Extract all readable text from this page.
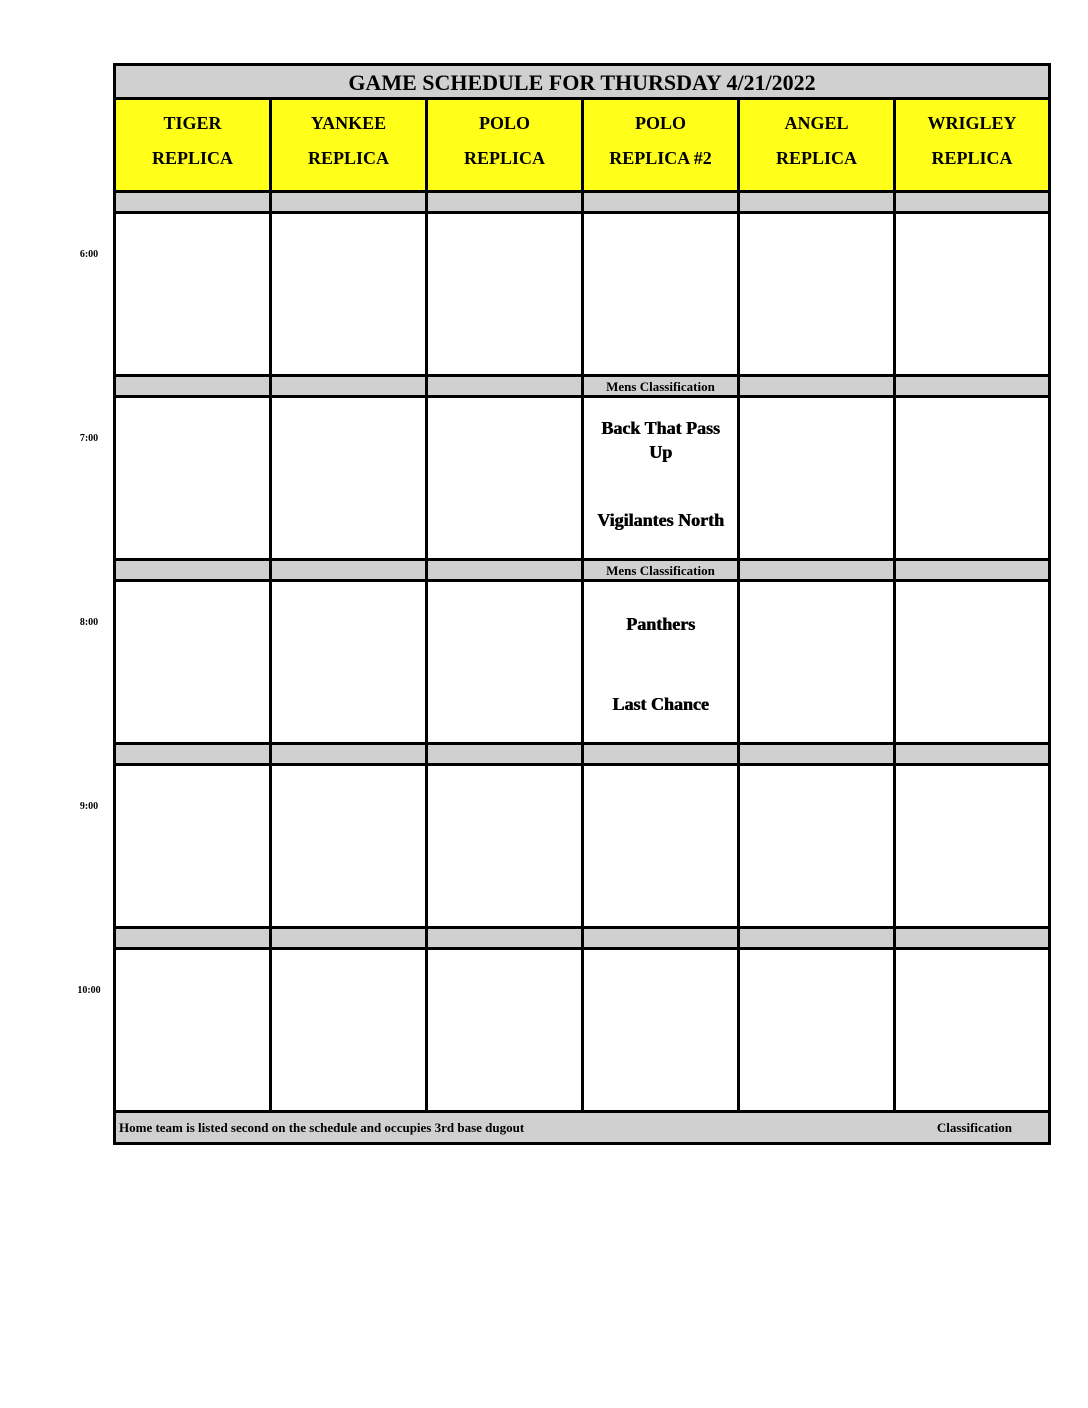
6:00
7:00
8:00
9:00
10:00
GAME SCHEDULE FOR THURSDAY 4/21/2022
TIGER
REPLICA
YANKEE
REPLICA
POLO
REPLICA
POLO
REPLICA #2
ANGEL
REPLICA
WRIGLEY
REPLICA
Mens Classification
Back That Pass Up
Vigilantes North
Mens Classification
Panthers
Last Chance
Home team is listed second on the schedule and occupies 3rd base dugout	Classification
